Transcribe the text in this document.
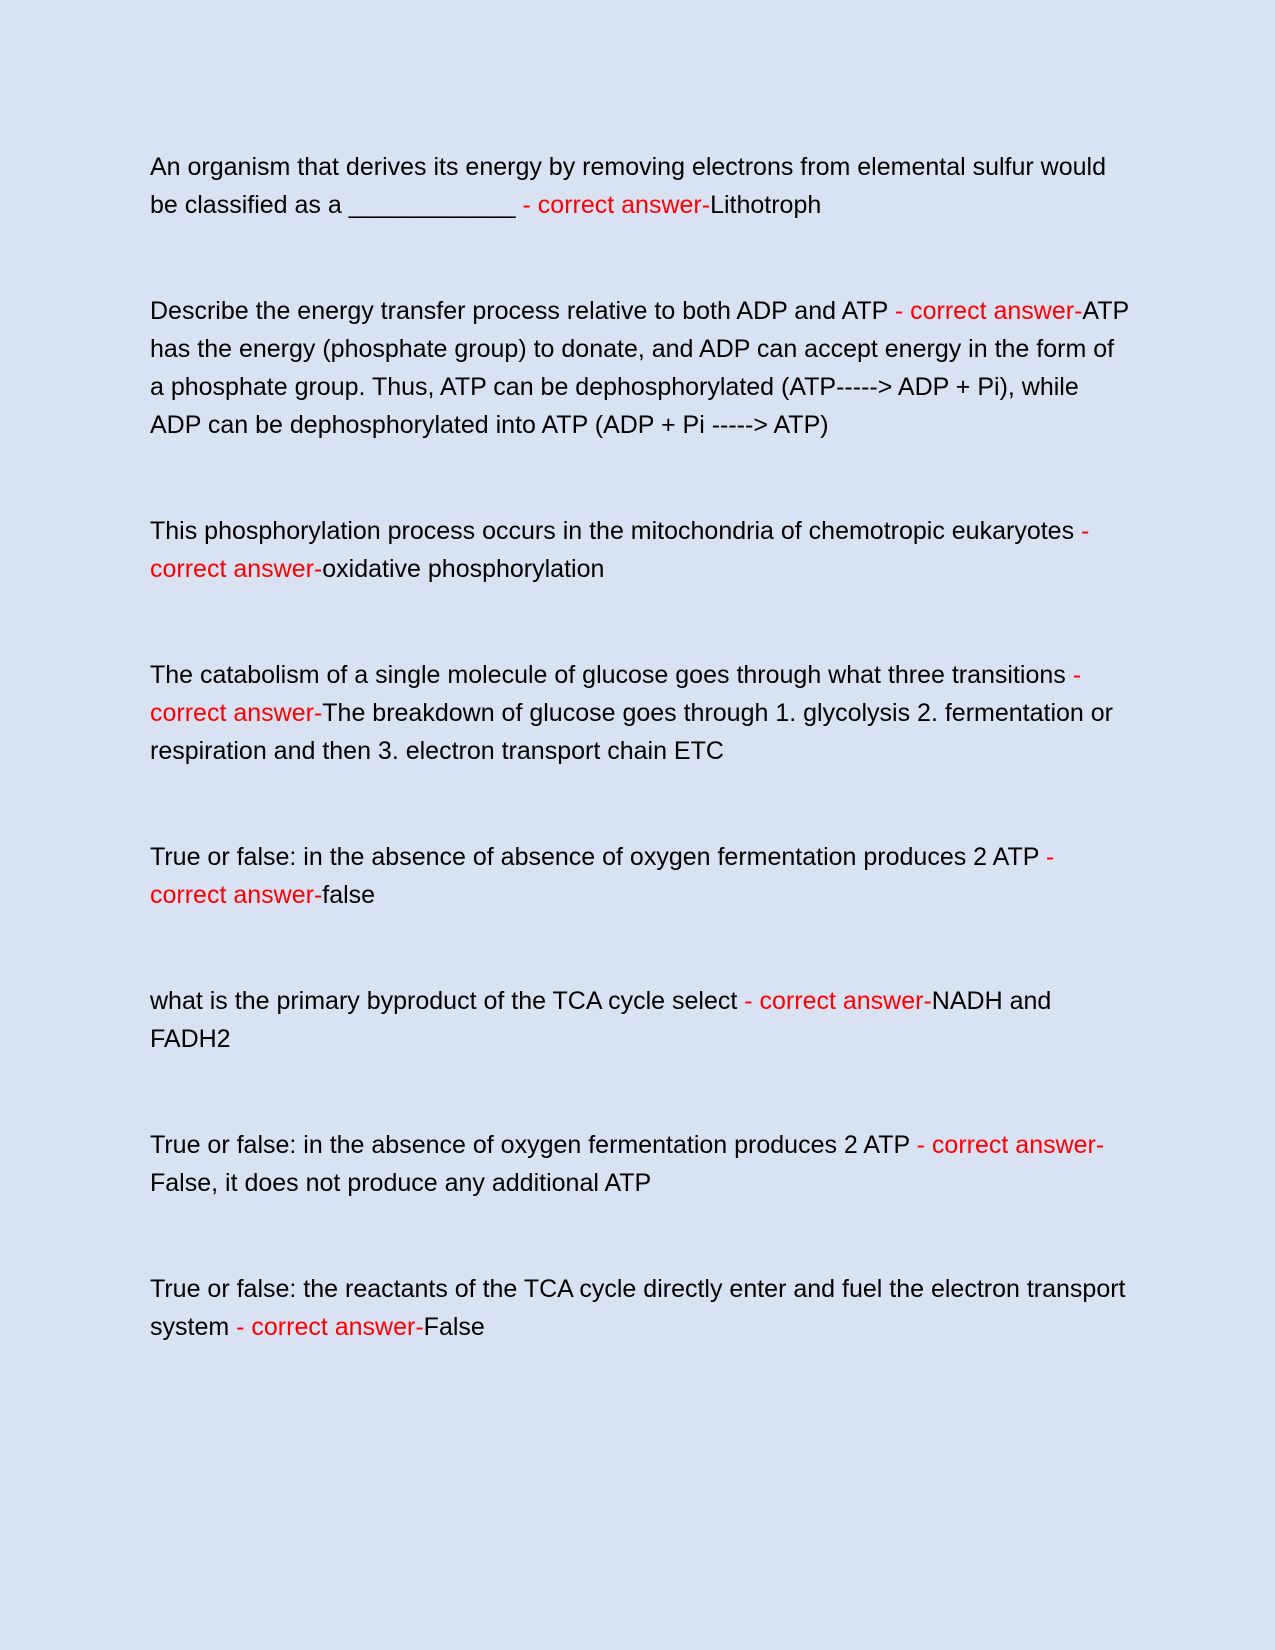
An organism that derives its energy by removing electrons from elemental sulfur would be classified as a ____________ - correct answer-Lithotroph

Describe the energy transfer process relative to both ADP and ATP - correct answer-ATP has the energy (phosphate group) to donate, and ADP can accept energy in the form of a phosphate group. Thus, ATP can be dephosphorylated (ATP-----> ADP + Pi), while ADP can be dephosphorylated into ATP (ADP + Pi -----> ATP)

This phosphorylation process occurs in the mitochondria of chemotropic eukaryotes - correct answer-oxidative phosphorylation

The catabolism of a single molecule of glucose goes through what three transitions - correct answer-The breakdown of glucose goes through 1. glycolysis 2. fermentation or respiration and then 3. electron transport chain ETC

True or false: in the absence of absence of oxygen fermentation produces 2 ATP - correct answer-false

what is the primary byproduct of the TCA cycle select - correct answer-NADH and FADH2

True or false: in the absence of oxygen fermentation produces 2 ATP - correct answer-False, it does not produce any additional ATP

True or false: the reactants of the TCA cycle directly enter and fuel the electron transport system - correct answer-False
